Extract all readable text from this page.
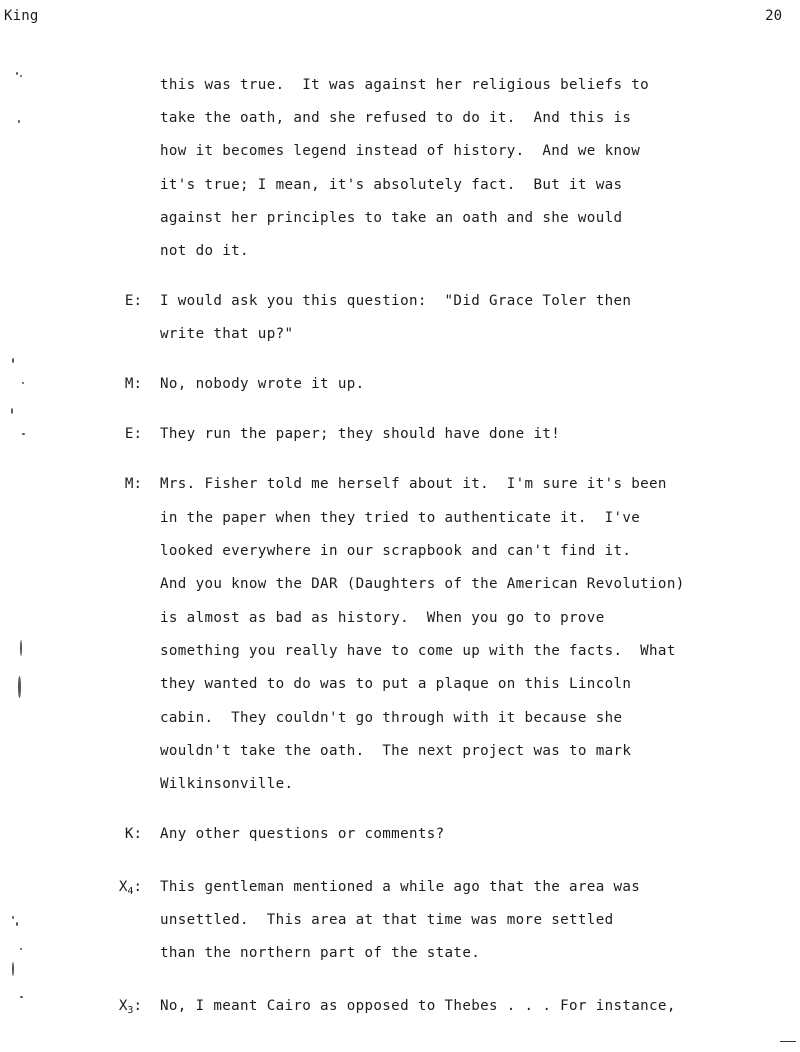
King	20
this was true.  It was against her religious beliefs to
take the oath, and she refused to do it.  And this is
how it becomes legend instead of history.  And we know
it's true; I mean, it's absolutely fact.  But it was
against her principles to take an oath and she would
not do it.
E: I would ask you this question:  "Did Grace Toler then
write that up?"
M: No, nobody wrote it up.
E: They run the paper; they should have done it!
M: Mrs. Fisher told me herself about it.  I'm sure it's been
in the paper when they tried to authenticate it.  I've
looked everywhere in our scrapbook and can't find it.
And you know the DAR (Daughters of the American Revolution)
is almost as bad as history.  When you go to prove
something you really have to come up with the facts.  What
they wanted to do was to put a plaque on this Lincoln
cabin.  They couldn't go through with it because she
wouldn't take the oath.  The next project was to mark
Wilkinsonville.
K: Any other questions or comments?
$X_4$: This gentleman mentioned a while ago that the area was
unsettled.  This area at that time was more settled
than the northern part of the state.
$X_3$: No, I meant Cairo as opposed to Thebes . . . For instance,
